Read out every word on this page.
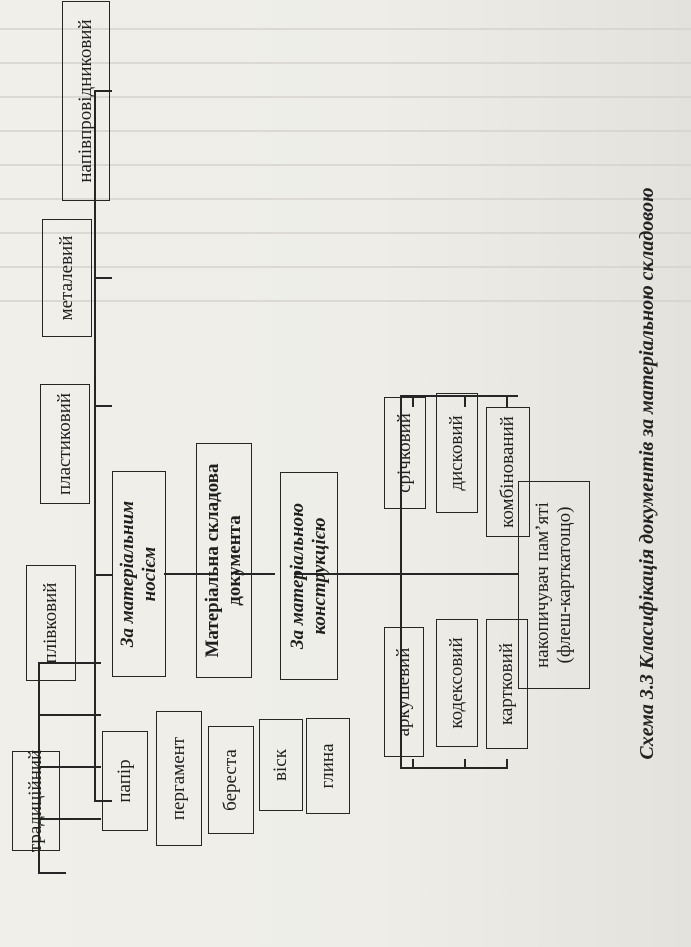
традиційний
плівковий
пластиковий
металевий
напівпровідниковий
папір	пергамент	береста	віск	глина
За матеріальним носієм	Матеріальна складова документа	За матеріальною конструкцією
аркушевий	кодексовий	картковий
срічковий	дисковий	комбінований
накопичувач пам’яті (флеш-карткатощо)	Схема 3.3 Класифікація документів за матеріальною складовою
